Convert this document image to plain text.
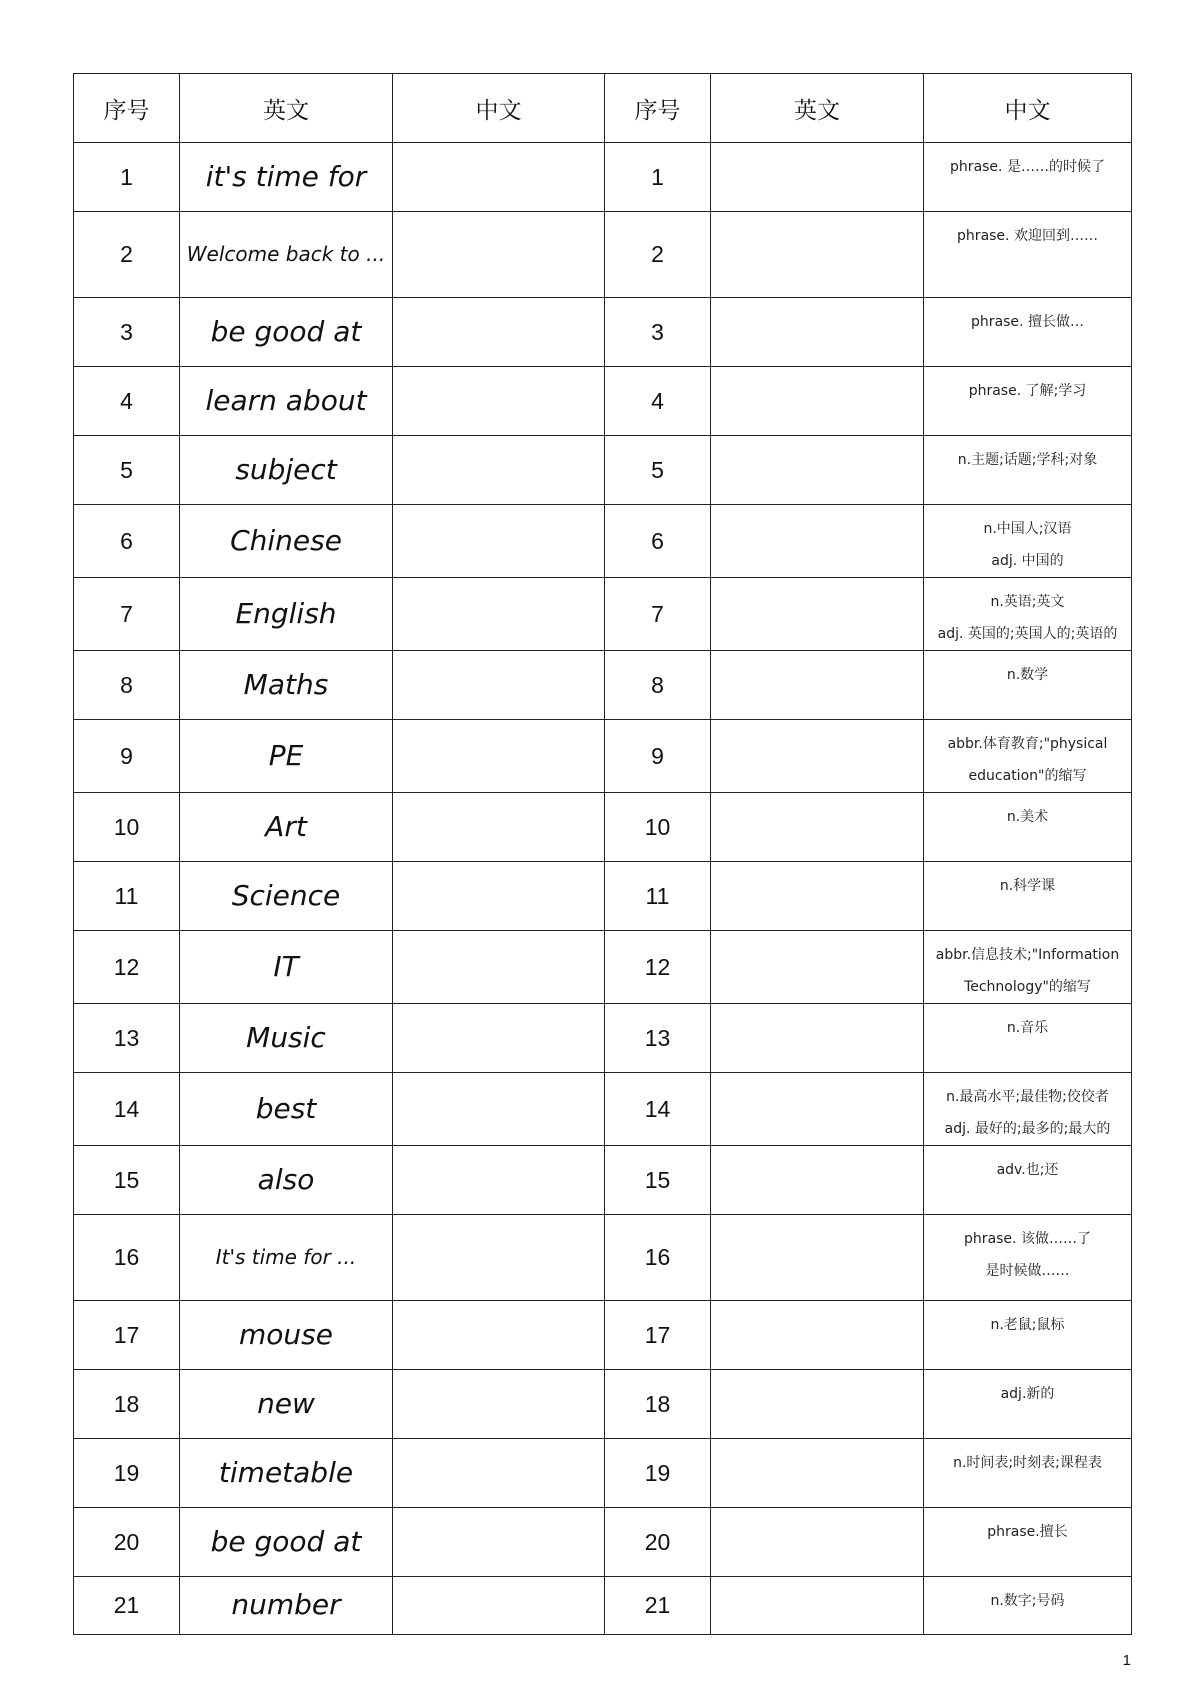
序号	英文	中文	序号	英文	中文
1	it's time for		1		phrase. 是……的时候了

2	Welcome back to ...		2		phrase. 欢迎回到……

3	be good at		3		phrase. 擅长做…

4	learn about		4		phrase. 了解;学习

5	subject		5		n.主题;话题;学科;对象

6	Chinese		6		n.中国人;汉语
adj. 中国的

7	English		7		n.英语;英文
adj. 英国的;英国人的;英语的

8	Maths		8		n.数学

9	PE		9		abbr.体育教育;"physical
education"的缩写

10	Art		10		n.美术

11	Science		11		n.科学课

12	IT		12		abbr.信息技术;"Information
Technology"的缩写

13	Music		13		n.音乐

14	best		14		n.最高水平;最佳物;佼佼者
adj. 最好的;最多的;最大的

15	also		15		adv.也;还

16	It's time for ...		16		phrase. 该做……了
是时候做……

17	mouse		17		n.老鼠;鼠标

18	new		18		adj.新的

19	timetable		19		n.时间表;时刻表;课程表

20	be good at		20		phrase.擅长

21	number		21		n.数字;号码
1
